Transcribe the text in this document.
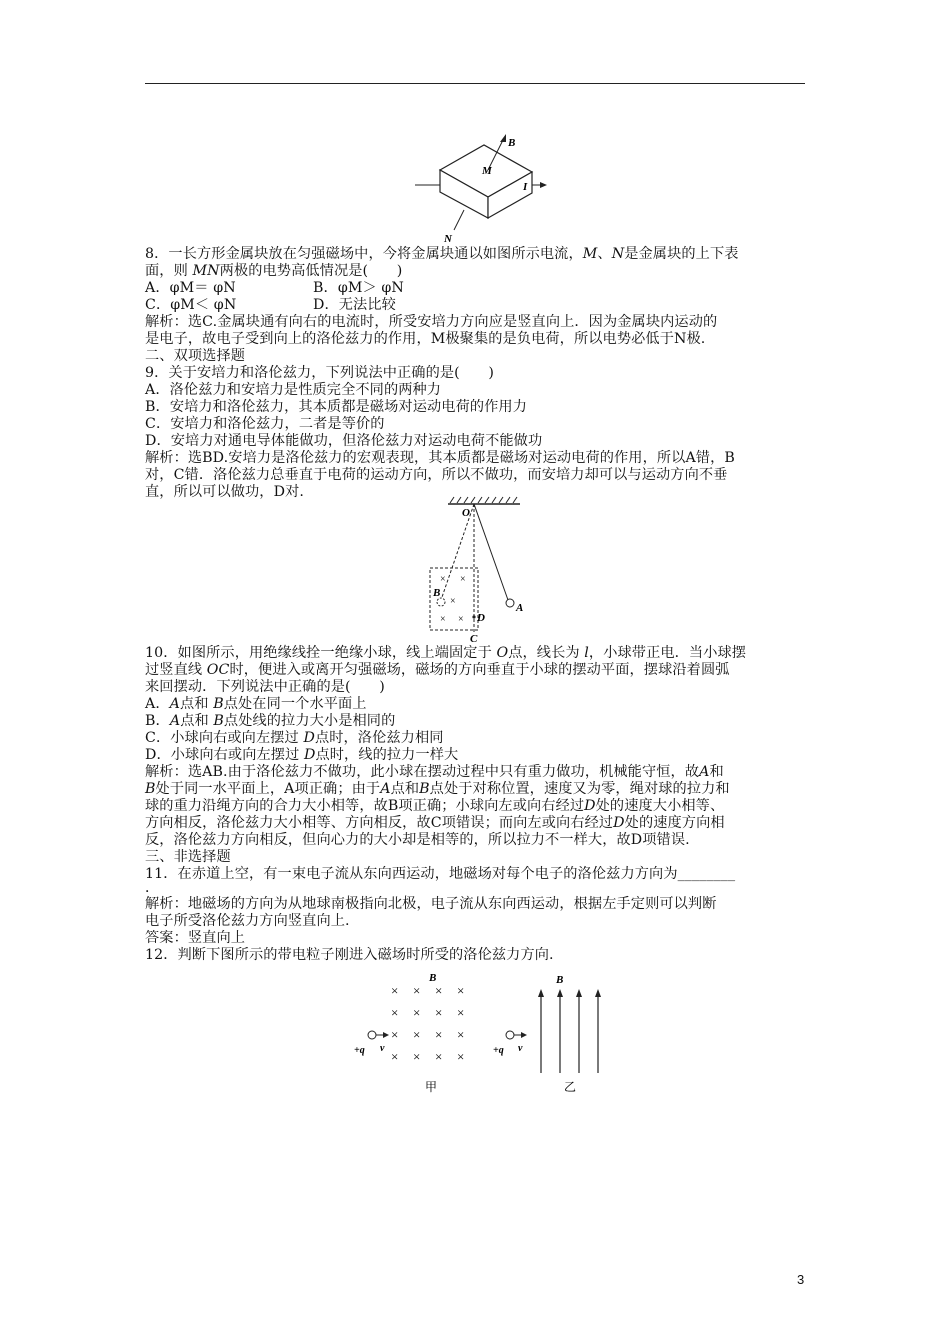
B
M
I
N
8．一长方形金属块放在匀强磁场中，今将金属块通以如图所示电流，M、N是金属块的上下表
面，则 MN两极的电势高低情况是(　　)
A．φM＝ φN	B．φM＞ φN
C．φM＜ φN	D．无法比较
解析：选C.金属块通有向右的电流时，所受安培力方向应是竖直向上．因为金属块内运动的
是电子，故电子受到向上的洛伦兹力的作用，M极聚集的是负电荷，所以电势必低于N极.
二、双项选择题
9．关于安培力和洛伦兹力，下列说法中正确的是(　　)
A．洛伦兹力和安培力是性质完全不同的两种力
B．安培力和洛伦兹力，其本质都是磁场对运动电荷的作用力
C．安培力和洛伦兹力，二者是等价的
D．安培力对通电导体能做功，但洛伦兹力对运动电荷不能做功
解析：选BD.安培力是洛伦兹力的宏观表现，其本质都是磁场对运动电荷的作用，所以A错，B
对，C错．洛伦兹力总垂直于电荷的运动方向，所以不做功，而安培力却可以与运动方向不垂
直，所以可以做功，D对.
× ×
×
× ×
O
A
B
D
C
10．如图所示，用绝缘线拴一绝缘小球，线上端固定于 O点，线长为 l，小球带正电．当小球摆
过竖直线 OC时，便进入或离开匀强磁场，磁场的方向垂直于小球的摆动平面，摆球沿着圆弧
来回摆动．下列说法中正确的是(　　)
A．A点和 B点处在同一个水平面上
B．A点和 B点处线的拉力大小是相同的
C．小球向右或向左摆过 D点时，洛伦兹力相同
D．小球向右或向左摆过 D点时，线的拉力一样大
解析：选AB.由于洛伦兹力不做功，此小球在摆动过程中只有重力做功，机械能守恒，故A和
B处于同一水平面上，A项正确；由于A点和B点处于对称位置，速度又为零，绳对球的拉力和
球的重力沿绳方向的合力大小相等，故B项正确；小球向左或向右经过D处的速度大小相等、
方向相反，洛伦兹力大小相等、方向相反，故C项错误；而向左或向右经过D处的速度方向相
反，洛伦兹力方向相反，但向心力的大小却是相等的，所以拉力不一样大，故D项错误.
三、非选择题
11．在赤道上空，有一束电子流从东向西运动，地磁场对每个电子的洛伦兹力方向为________
．
解析：地磁场的方向为从地球南极指向北极，电子流从东向西运动，根据左手定则可以判断
电子所受洛伦兹力方向竖直向上.
答案：竖直向上
12．判断下图所示的带电粒子刚进入磁场时所受的洛伦兹力方向.
B
× × × ×
× × × ×
× × × ×
× × × ×
+q v
甲
+q v
B
乙
3
